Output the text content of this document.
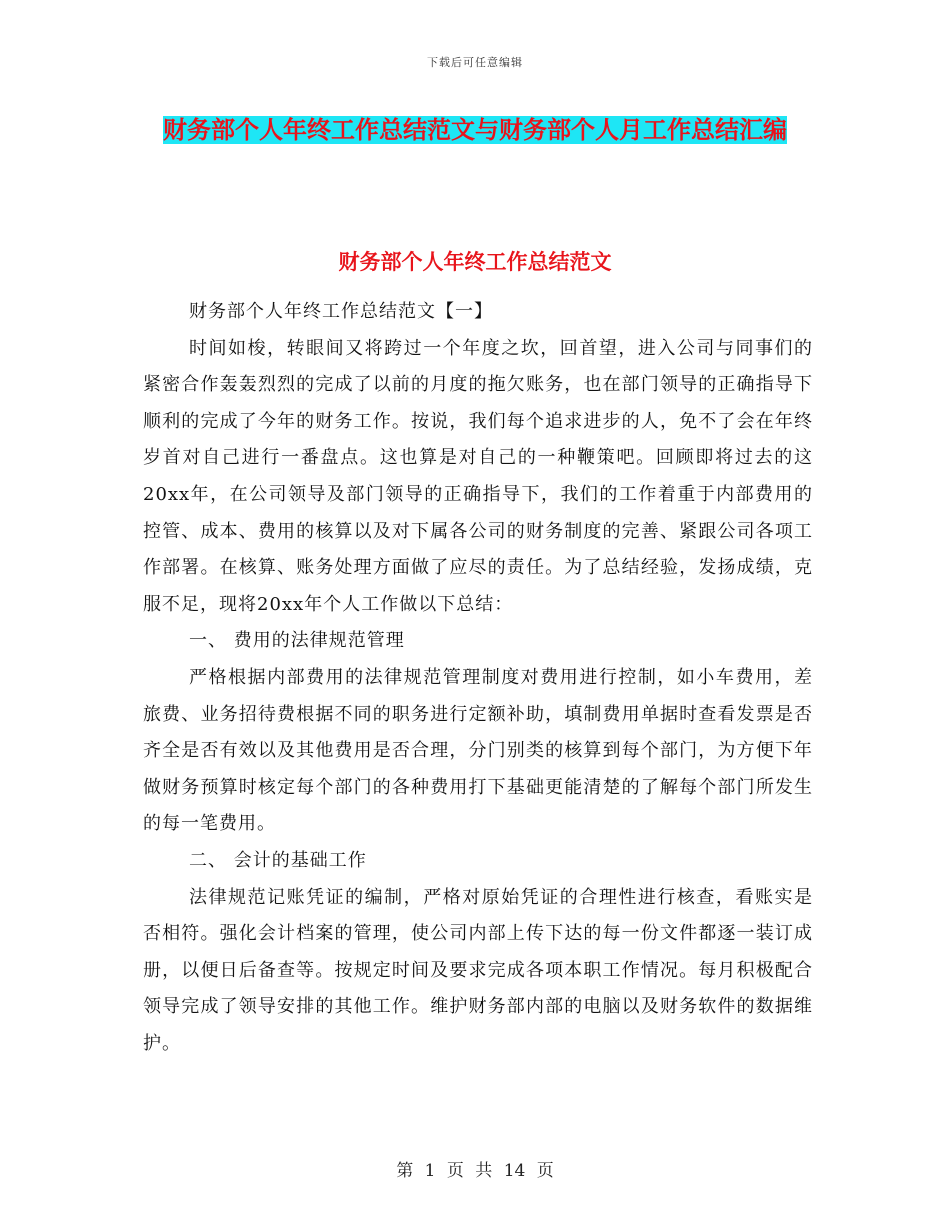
下载后可任意编辑
财务部个人年终工作总结范文与财务部个人月工作总结汇编
财务部个人年终工作总结范文

财务部个人年终工作总结范文【一】

时间如梭，转眼间又将跨过一个年度之坎，回首望，进入公司与同事们的紧密合作轰轰烈烈的完成了以前的月度的拖欠账务，也在部门领导的正确指导下顺利的完成了今年的财务工作。按说，我们每个追求进步的人，免不了会在年终岁首对自己进行一番盘点。这也算是对自己的一种鞭策吧。回顾即将过去的这20xx年，在公司领导及部门领导的正确指导下，我们的工作着重于内部费用的控管、成本、费用的核算以及对下属各公司的财务制度的完善、紧跟公司各项工作部署。在核算、账务处理方面做了应尽的责任。为了总结经验，发扬成绩，克服不足，现将20xx年个人工作做以下总结：

一、 费用的法律规范管理

严格根据内部费用的法律规范管理制度对费用进行控制，如小车费用，差旅费、业务招待费根据不同的职务进行定额补助，填制费用单据时查看发票是否齐全是否有效以及其他费用是否合理，分门别类的核算到每个部门，为方便下年做财务预算时核定每个部门的各种费用打下基础更能清楚的了解每个部门所发生的每一笔费用。

二、 会计的基础工作

法律规范记账凭证的编制，严格对原始凭证的合理性进行核查，看账实是否相符。强化会计档案的管理，使公司内部上传下达的每一份文件都逐一装订成册，以便日后备查等。按规定时间及要求完成各项本职工作情况。每月积极配合领导完成了领导安排的其他工作。维护财务部内部的电脑以及财务软件的数据维护。

第 1 页 共 14 页
